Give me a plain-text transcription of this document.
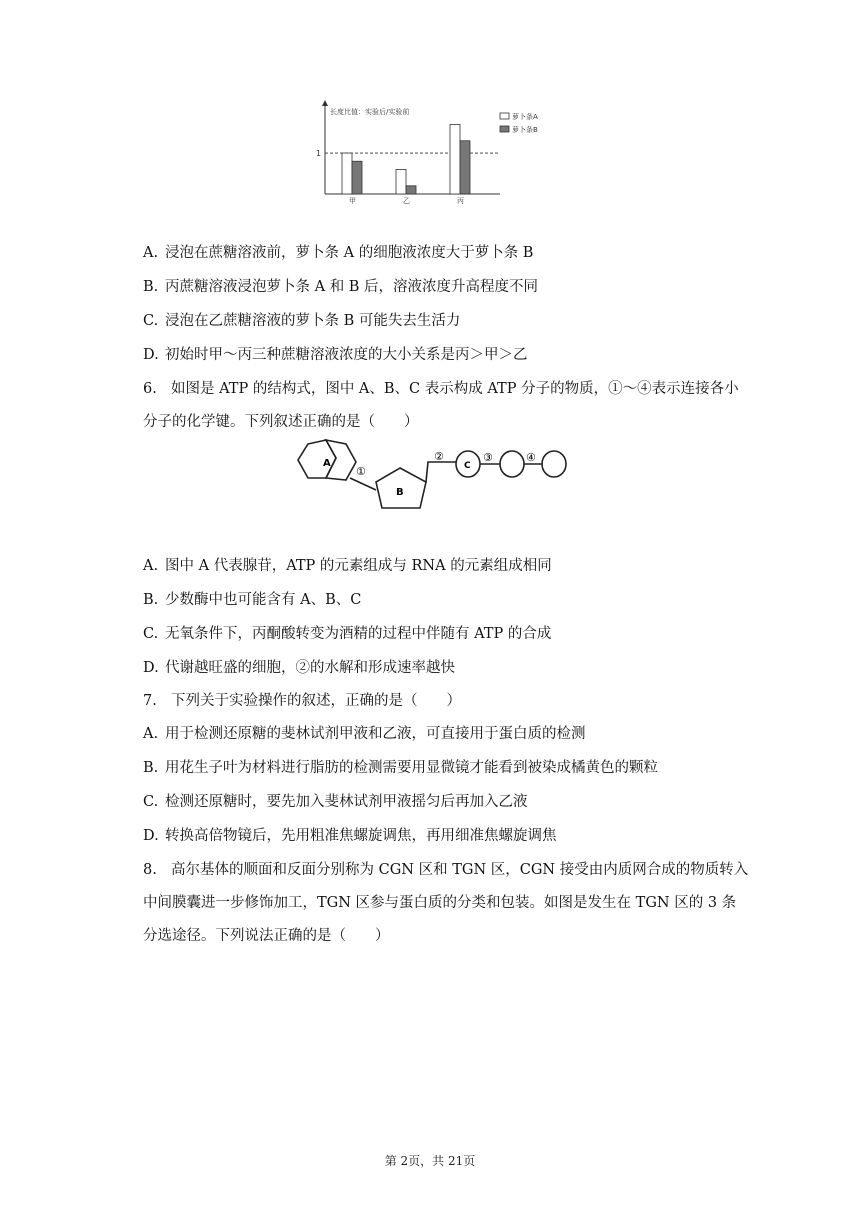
长度比值：实验后/实验前
1
甲	乙	丙
萝卜条A
萝卜条B
A. 浸泡在蔗糖溶液前，萝卜条 A 的细胞液浓度大于萝卜条 B
B. 丙蔗糖溶液浸泡萝卜条 A 和 B 后，溶液浓度升高程度不同
C. 浸泡在乙蔗糖溶液的萝卜条 B 可能失去生活力
D. 初始时甲～丙三种蔗糖溶液浓度的大小关系是丙＞甲＞乙
6. 如图是 ATP 的结构式，图中 A、B、C 表示构成 ATP 分子的物质，①～④表示连接各小
分子的化学键。下列叙述正确的是（　　）
A
①
B
②
C
③	④
A. 图中 A 代表腺苷，ATP 的元素组成与 RNA 的元素组成相同
B. 少数酶中也可能含有 A、B、C
C. 无氧条件下，丙酮酸转变为酒精的过程中伴随有 ATP 的合成
D. 代谢越旺盛的细胞，②的水解和形成速率越快
7. 下列关于实验操作的叙述，正确的是（　　）
A. 用于检测还原糖的斐林试剂甲液和乙液，可直接用于蛋白质的检测
B. 用花生子叶为材料进行脂肪的检测需要用显微镜才能看到被染成橘黄色的颗粒
C. 检测还原糖时，要先加入斐林试剂甲液摇匀后再加入乙液
D. 转换高倍物镜后，先用粗准焦螺旋调焦，再用细准焦螺旋调焦
8. 高尔基体的顺面和反面分别称为 CGN 区和 TGN 区，CGN 接受由内质网合成的物质转入
中间膜囊进一步修饰加工，TGN 区参与蛋白质的分类和包装。如图是发生在 TGN 区的 3 条
分选途径。下列说法正确的是（　　）
第 2页，共 21页
